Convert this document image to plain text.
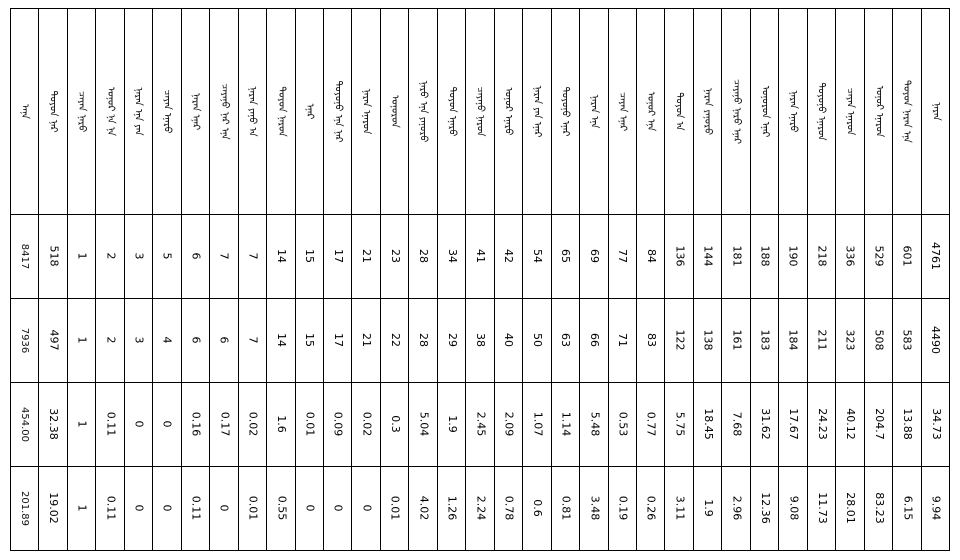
ᠠᠨᠡ	ᠲᠤᠶᠤᠨ ᠨᠡᠷ	ᠴᠡᠶᠡᠨ ᠨᠡᠷᠤ	ᠣᠨᠤᠷ ᠨᠡ ᠨᠡ	ᠨᠡᠷᠡᠨ ᠡᠨᠡ ᠶᠡᠨ	ᠴᠡᠶᠡᠨ ᠡᠨᠡᠷᠤ	ᠨᠡᠷᠡᠨ ᠡᠨᠡᠷ	ᠴᠡᠶᠡᠨᠤ ᠨᠡᠷ ᠡᠨᠡ	ᠨᠡᠷᠡᠨ ᠶᠡᠨᠤ ᠡᠨ	ᠲᠤᠶᠤᠨ ᠨᠡᠷᠤᠨ	ᠡᠨᠡᠷ	ᠲᠤᠶᠤᠨᠤ ᠡᠨᠡ ᠨᠡᠷ	ᠨᠡᠷᠡᠨ ᠡᠨᠡᠷᠤᠨ	ᠣᠨᠤᠷᠤᠨ	ᠨᠡᠷᠤ ᠡᠨᠡ ᠶᠡᠨᠤᠷᠤ	ᠲᠤᠶᠤᠨ ᠡᠨᠡᠷᠤ	ᠴᠡᠶᠡᠨᠤ ᠨᠡᠷᠤᠨ	ᠣᠨᠤᠷ ᠡᠨᠡᠷᠤ	ᠨᠡᠷᠡᠨ ᠶᠡᠨ ᠡᠨᠡᠷ	ᠲᠤᠶᠤᠨᠤ ᠡᠨᠡᠷ	ᠨᠡᠷᠡᠨ ᠡᠨᠡ	ᠴᠡᠶᠡᠨ ᠡᠨᠡᠷ	ᠣᠨᠤᠷ ᠡᠨᠡ	ᠲᠤᠶᠤᠨ ᠡᠨ	ᠨᠡᠷᠡᠨ ᠶᠡᠨᠤᠷᠤ	ᠴᠡᠶᠡᠨᠤ ᠨᠡᠷᠤ ᠡᠨᠡᠷ	ᠣᠨᠤᠷᠤᠨ ᠡᠨᠡᠷ	ᠨᠡᠷᠡᠨ ᠡᠨᠡᠷᠤ	ᠲᠤᠶᠤᠨᠤ ᠡᠨᠡᠷᠤᠨ	ᠴᠡᠶᠡᠨ ᠡᠨᠡᠷᠤᠨ	ᠣᠨᠤᠷ ᠡᠨᠡᠷᠤᠨ	ᠲᠤᠶᠤᠨ ᠨᠡᠷᠡᠨ ᠡᠨᠡ	ᠨᠡᠷᠡᠨ

8417	518	1	2	3	5	6	7	7	14	15	17	21	23	28	34	41	42	54	65	69	77	84	136	144	181	188	190	218	336	529	601	4761

7936	497	1	2	3	4	6	6	7	14	15	17	21	22	28	29	38	40	50	63	66	71	83	122	138	161	183	184	211	323	508	583	4490

454.00	32.38	1	0.11	0	0	0.16	0.17	0.02	1.6	0.01	0.09	0.02	0.3	5.04	1.9	2.45	2.09	1.07	1.14	5.48	0.53	0.77	5.75	18.45	7.68	31.62	17.67	24.23	40.12	204.7	13.88	34.73

201.89	19.02	1	0.11	0	0	0.11	0	0.01	0.55	0	0	0	0.01	4.02	1.26	2.24	0.78	0.6	0.81	3.48	0.19	0.26	3.11	1.9	2.96	12.36	9.08	11.73	28.01	83.23	6.15	9.94
